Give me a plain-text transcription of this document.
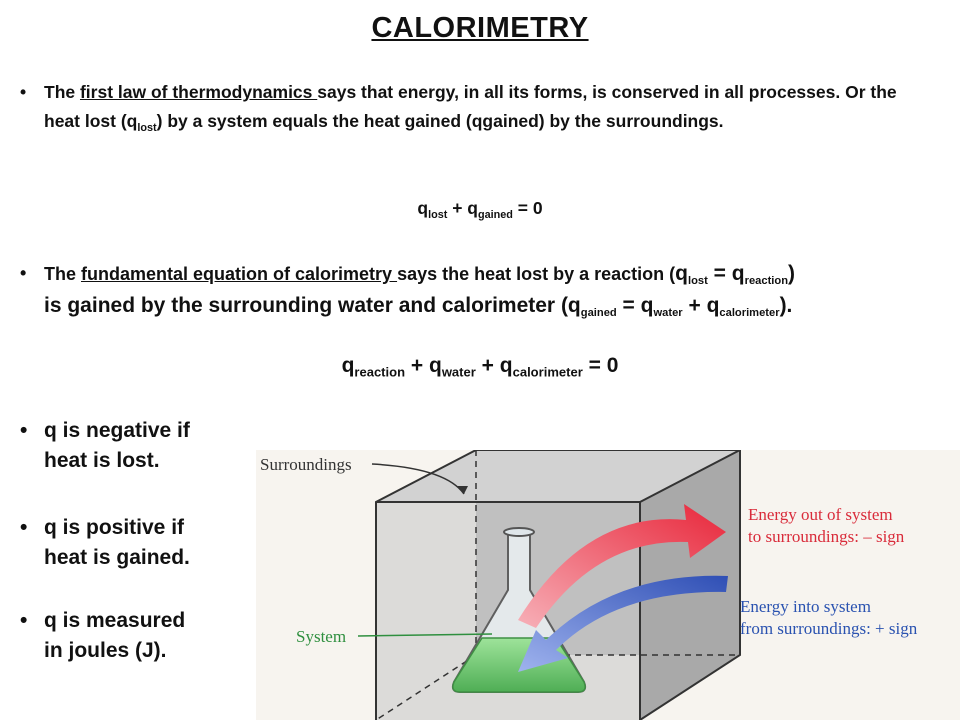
CALORIMETRY
• The first law of thermodynamics says that energy, in all its forms, is conserved in all processes. Or the heat lost $(q_{lost})$ by a system equals the heat gained (qgained) by the surroundings.
$q_{lost} + q_{gained} = 0$
• The fundamental equation of calorimetry says the heat lost by a reaction $(q_{lost} = q_{reaction})$
is gained by the surrounding water and calorimeter $(q_{gained} = q_{water} + q_{calorimeter})$.
$q_{reaction} + q_{water} + q_{calorimeter} = 0$
• q is negative if
heat is lost.
• q is positive if
heat is gained.
• q is measured
in joules (J).
Surroundings
System
Energy out of system
to surroundings: – sign
Energy into system
from surroundings: + sign
